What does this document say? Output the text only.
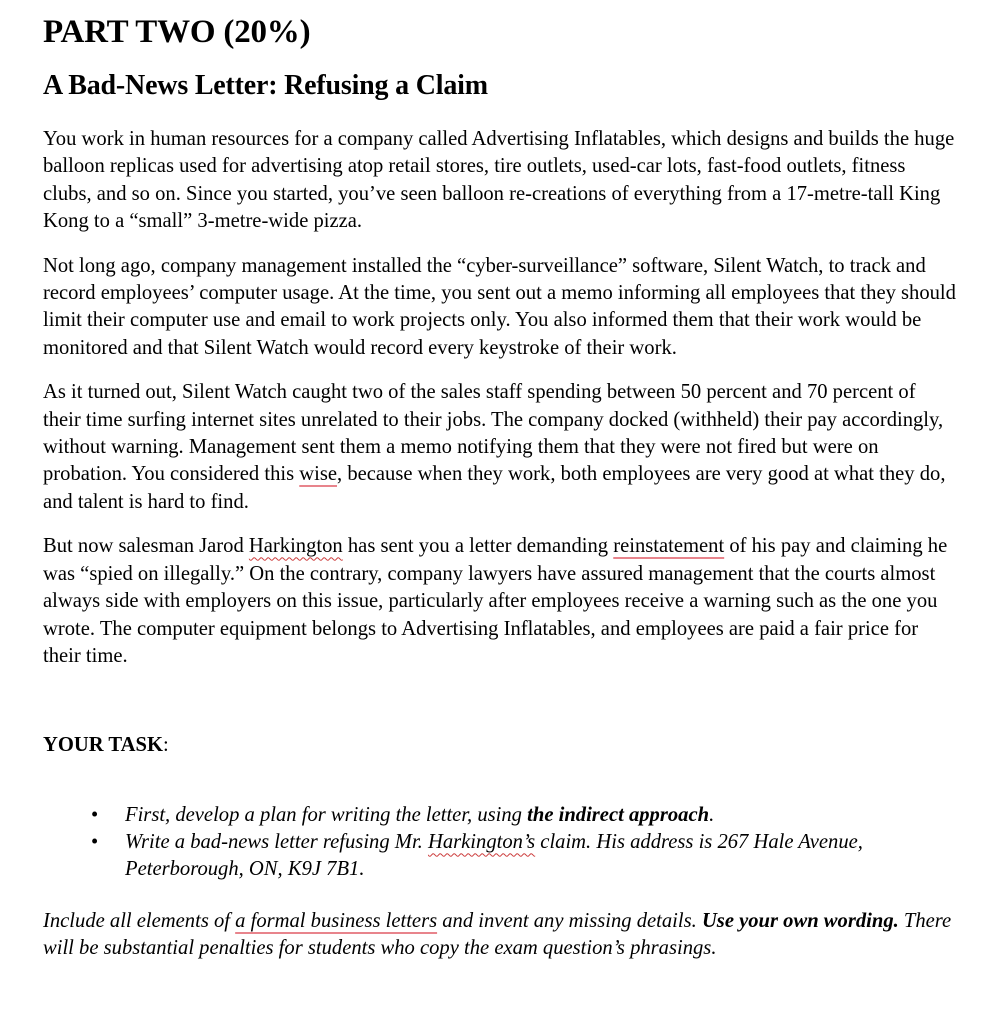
PART TWO (20%)
A Bad-News Letter: Refusing a Claim

You work in human resources for a company called Advertising Inflatables, which designs and builds the huge balloon replicas used for advertising atop retail stores, tire outlets, used-car lots, fast-food outlets, fitness clubs, and so on. Since you started, you’ve seen balloon re-creations of everything from a 17-metre-tall King Kong to a “small” 3-metre-wide pizza.

Not long ago, company management installed the “cyber-surveillance” software, Silent Watch, to track and record employees’ computer usage. At the time, you sent out a memo informing all employees that they should limit their computer use and email to work projects only. You also informed them that their work would be monitored and that Silent Watch would record every keystroke of their work.

As it turned out, Silent Watch caught two of the sales staff spending between 50 percent and 70 percent of their time surfing internet sites unrelated to their jobs. The company docked (withheld) their pay accordingly, without warning. Management sent them a memo notifying them that they were not fired but were on probation. You considered this wise, because when they work, both employees are very good at what they do, and talent is hard to find.

But now salesman Jarod Harkington has sent you a letter demanding reinstatement of his pay and claiming he was “spied on illegally.” On the contrary, company lawyers have assured management that the courts almost always side with employers on this issue, particularly after employees receive a warning such as the one you wrote. The computer equipment belongs to Advertising Inflatables, and employees are paid a fair price for their time.

YOUR TASK:

• First, develop a plan for writing the letter, using the indirect approach.
• Write a bad-news letter refusing Mr. Harkington’s claim. His address is 267 Hale Avenue, Peterborough, ON, K9J 7B1.

Include all elements of a formal business letters and invent any missing details. Use your own wording. There will be substantial penalties for students who copy the exam question’s phrasings.
